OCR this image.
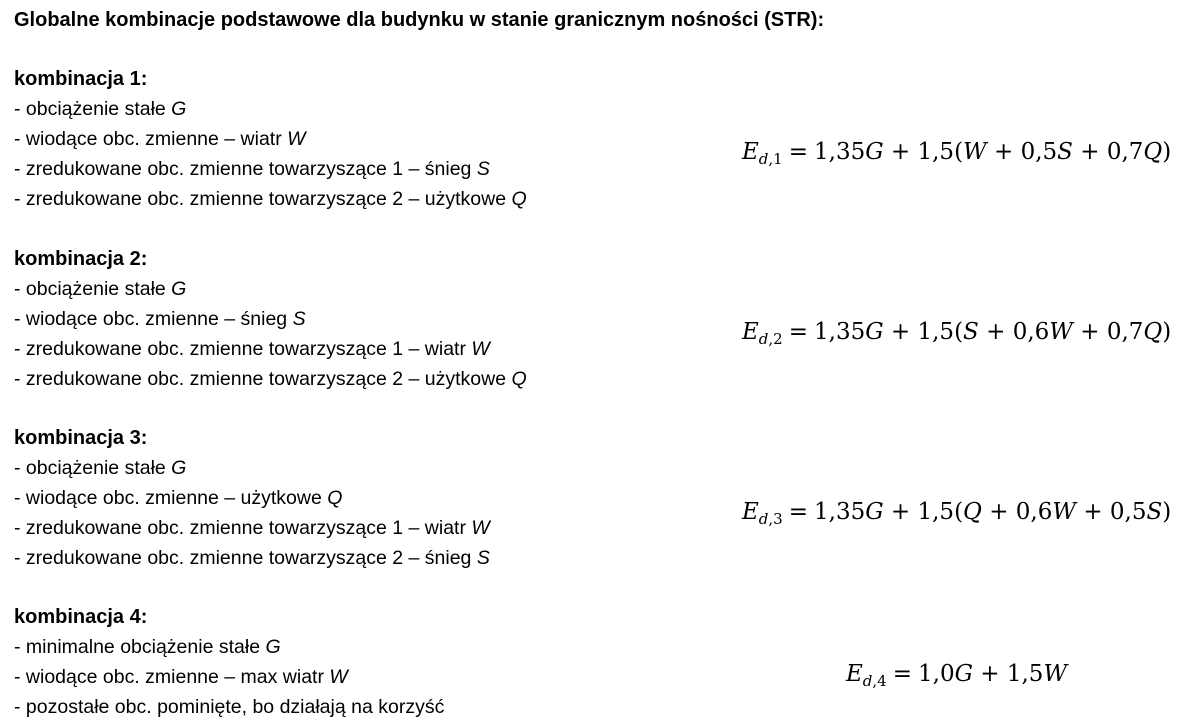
Globalne kombinacje podstawowe dla budynku w stanie granicznym nośności (STR):
kombinacja 1:
- obciążenie stałe G
- wiodące obc. zmienne – wiatr W
- zredukowane obc. zmienne towarzyszące 1 – śnieg S
- zredukowane obc. zmienne towarzyszące 2 – użytkowe Q
$E_{d,1} = 1,35G + 1,5(W + 0,5S + 0,7Q)$
kombinacja 2:
- obciążenie stałe G
- wiodące obc. zmienne – śnieg S
- zredukowane obc. zmienne towarzyszące 1 – wiatr W
- zredukowane obc. zmienne towarzyszące 2 – użytkowe Q
$E_{d,2} = 1,35G + 1,5(S + 0,6W + 0,7Q)$
kombinacja 3:
- obciążenie stałe G
- wiodące obc. zmienne – użytkowe Q
- zredukowane obc. zmienne towarzyszące 1 – wiatr W
- zredukowane obc. zmienne towarzyszące 2 – śnieg S
$E_{d,3} = 1,35G + 1,5(Q + 0,6W + 0,5S)$
kombinacja 4:
- minimalne obciążenie stałe G
- wiodące obc. zmienne – max wiatr W
- pozostałe obc. pominięte, bo działają na korzyść
$E_{d,4} = 1,0G + 1,5W$
